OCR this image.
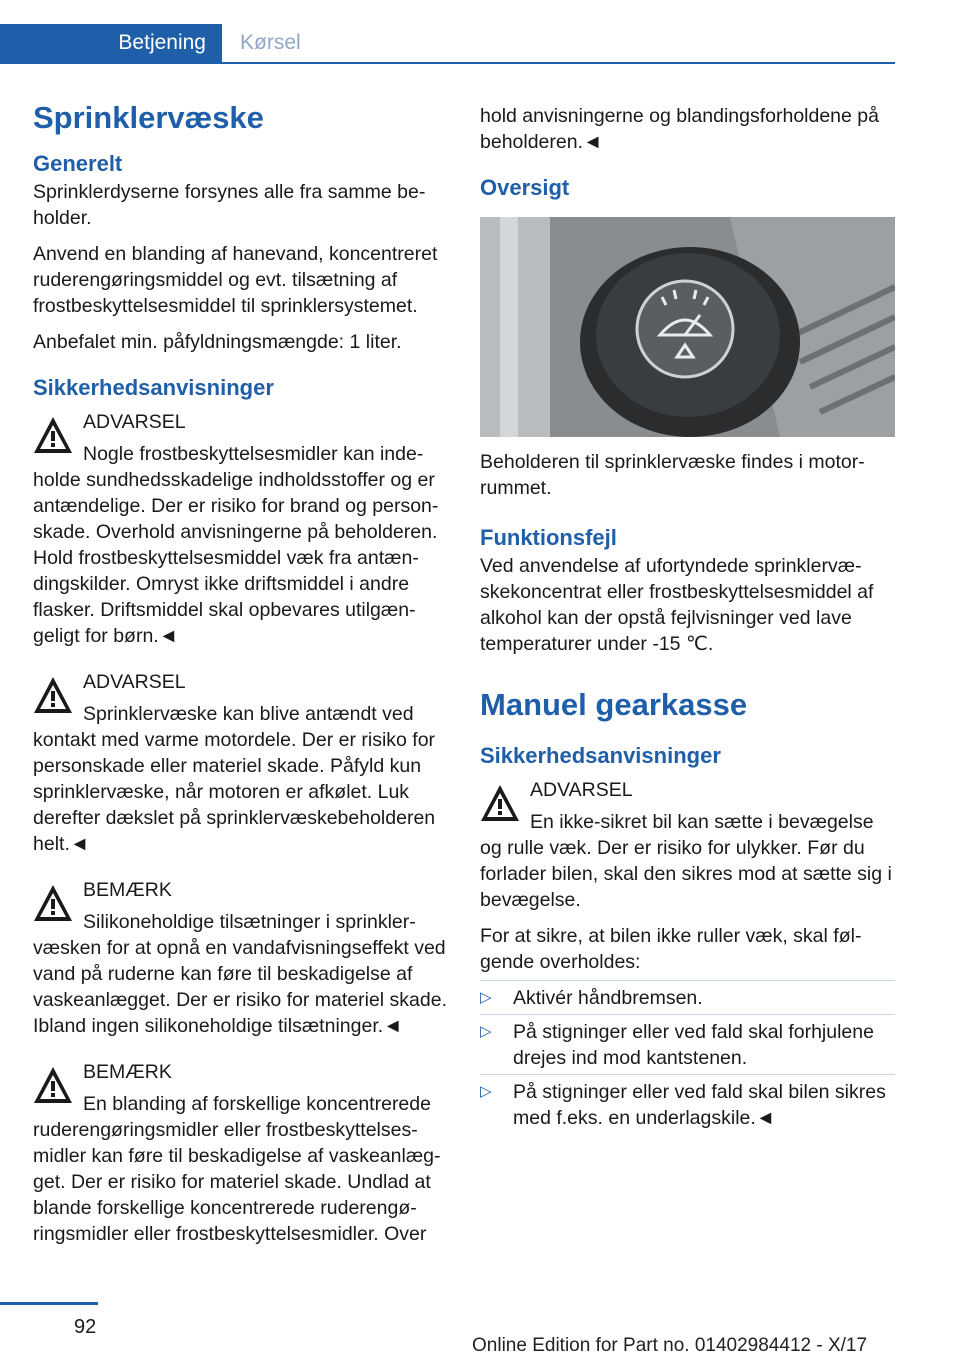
Betjening Kørsel
Sprinklervæske
Generelt

Sprinklerdyserne forsynes alle fra samme beholder.

Anvend en blanding af hanevand, koncentreret ruderengøringsmiddel og evt. tilsætning af frostbeskyttelsesmiddel til sprinklersystemet.

Anbefalet min. påfyldningsmængde: 1 liter.

Sikkerhedsanvisninger

ADVARSEL

Nogle frostbeskyttelsesmidler kan indeholde sundhedsskadelige indholdsstoffer og er antændelige. Der er risiko for brand og personskade. Overhold anvisningerne på beholderen. Hold frostbeskyttelsesmiddel væk fra antændingskilder. Omryst ikke driftsmiddel i andre flasker. Driftsmiddel skal opbevares utilgængeligt for børn.◄

ADVARSEL

Sprinklervæske kan blive antændt ved kontakt med varme motordele. Der er risiko for personskade eller materiel skade. Påfyld kun sprinklervæske, når motoren er afkølet. Luk derefter dækslet på sprinklervæskebeholderen helt.◄

BEMÆRK

Silikoneholdige tilsætninger i sprinklervæsken for at opnå en vandafvisningseffekt ved vand på ruderne kan føre til beskadigelse af vaskeanlægget. Der er risiko for materiel skade. Ibland ingen silikoneholdige tilsætninger.◄

BEMÆRK

En blanding af forskellige koncentrerede ruderengøringsmidler eller frostbeskyttelsesmidler kan føre til beskadigelse af vaskeanlægget. Der er risiko for materiel skade. Undlad at blande forskellige koncentrerede ruderengøringsmidler eller frostbeskyttelsesmidler. Over

hold anvisningerne og blandingsforholdene på beholderen.◄

Oversigt

Beholderen til sprinklervæske findes i motorrummet.

Funktionsfejl

Ved anvendelse af ufortyndede sprinklervæskekoncentrat eller frostbeskyttelsesmiddel af alkohol kan der opstå fejlvisninger ved lave temperaturer under -15 ℃.

Manuel gearkasse
Sikkerhedsanvisninger

ADVARSEL

En ikke-sikret bil kan sætte i bevægelse og rulle væk. Der er risiko for ulykker. Før du forlader bilen, skal den sikres mod at sætte sig i bevægelse.

For at sikre, at bilen ikke ruller væk, skal følgende overholdes:

▷ Aktivér håndbremsen.
▷ På stigninger eller ved fald skal forhjulene drejes ind mod kantstenen.
▷ På stigninger eller ved fald skal bilen sikres med f.eks. en underlagskile.◄
92
Online Edition for Part no. 01402984412 - X/17
